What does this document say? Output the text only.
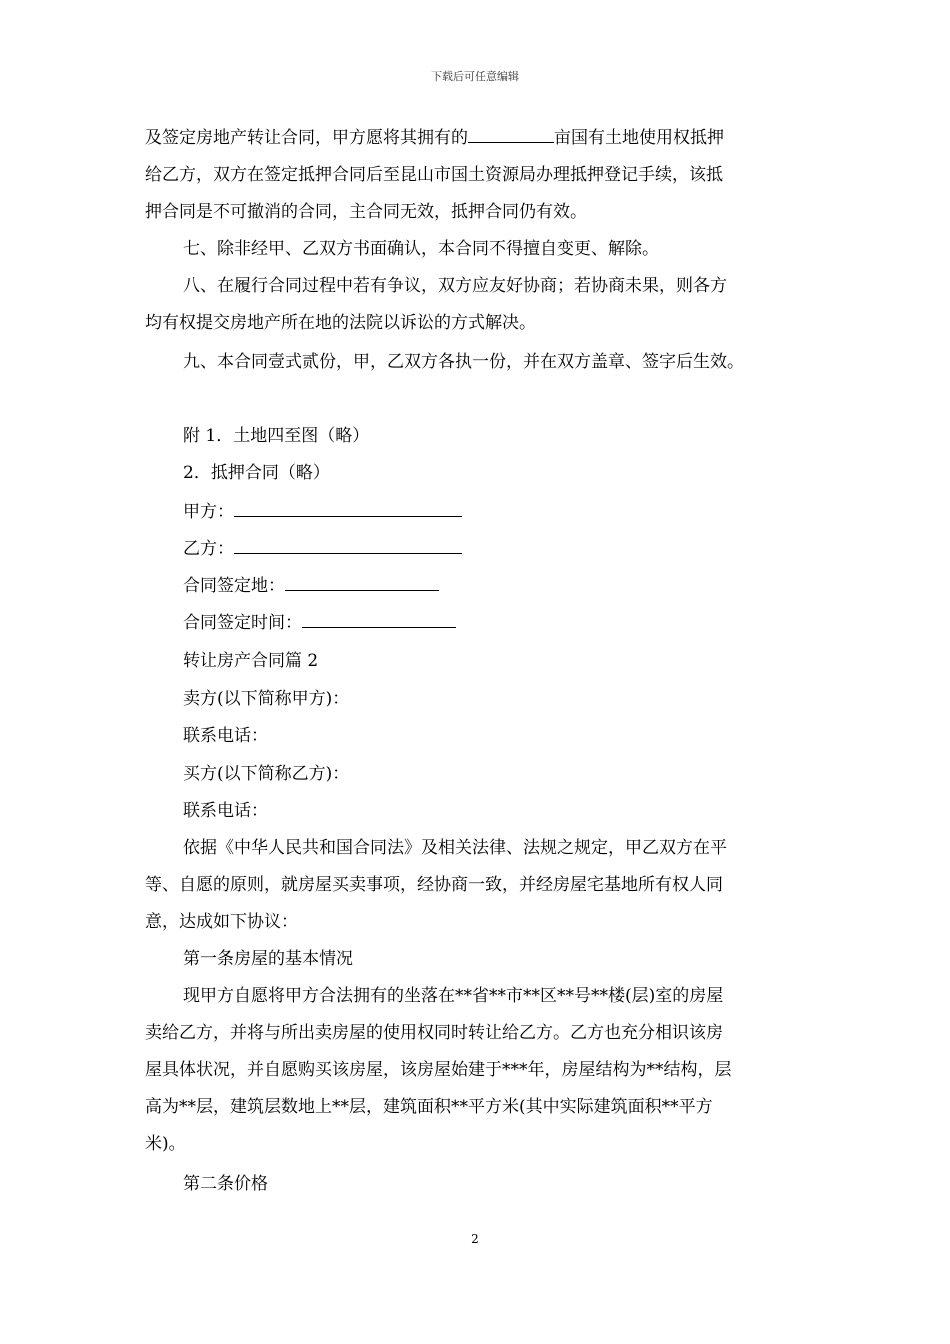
下载后可任意编辑
及签定房地产转让合同，甲方愿将其拥有的	亩国有土地使用权抵押
给乙方，双方在签定抵押合同后至昆山市国土资源局办理抵押登记手续，该抵
押合同是不可撤消的合同，主合同无效，抵押合同仍有效。
七、除非经甲、乙双方书面确认，本合同不得擅自变更、解除。
八、在履行合同过程中若有争议，双方应友好协商；若协商未果，则各方
均有权提交房地产所在地的法院以诉讼的方式解决。
九、本合同壹式贰份，甲，乙双方各执一份，并在双方盖章、签字后生效。
附 1．土地四至图（略）
2．抵押合同（略）
甲方：
乙方：
合同签定地：
合同签定时间：
转让房产合同篇 2
卖方(以下简称甲方)：
联系电话：
买方(以下简称乙方)：
联系电话：
依据《中华人民共和国合同法》及相关法律、法规之规定，甲乙双方在平
等、自愿的原则，就房屋买卖事项，经协商一致，并经房屋宅基地所有权人同
意，达成如下协议：
第一条房屋的基本情况
现甲方自愿将甲方合法拥有的坐落在**省**市**区**号**楼(层)室的房屋
卖给乙方，并将与所出卖房屋的使用权同时转让给乙方。乙方也充分相识该房
屋具体状况，并自愿购买该房屋，该房屋始建于***年，房屋结构为**结构，层
高为**层，建筑层数地上**层，建筑面积**平方米(其中实际建筑面积**平方
米)。
第二条价格
2
